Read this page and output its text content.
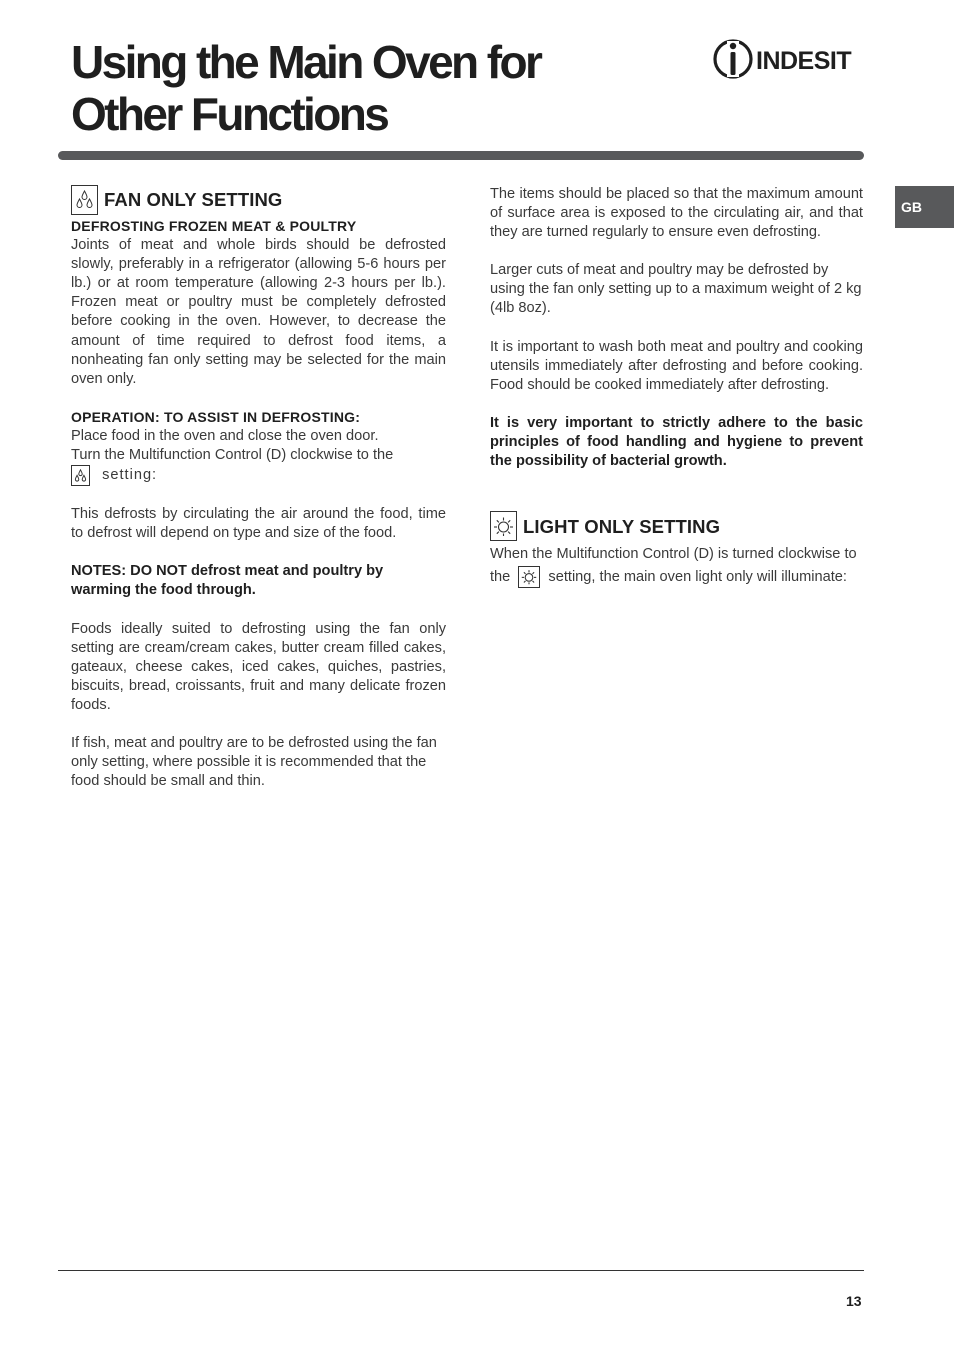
Using the Main Oven for
Other Functions
INDESIT
GB
FAN ONLY SETTING

DEFROSTING FROZEN MEAT & POULTRY

Joints of meat and whole birds should be defrosted slowly, preferably in a refrigerator (allowing 5-6 hours per lb.) or at room temperature (allowing 2-3 hours per lb.). Frozen meat or poultry must be completely defrosted before cooking in the oven. However, to decrease the amount of time required to defrost food items, a nonheating fan only setting may be selected for the main oven only.

OPERATION: TO ASSIST IN DEFROSTING:

Place food in the oven and close the oven door.

Turn the Multifunction Control (D) clockwise to the

setting:

This defrosts by circulating the air around the food, time to defrost will depend on type and size of the food.

NOTES: DO NOT defrost meat and poultry by warming the food through.

Foods ideally suited to defrosting using the fan only setting are cream/cream cakes, butter cream filled cakes, gateaux, cheese cakes, iced cakes, quiches, pastries, biscuits, bread, croissants, fruit and many delicate frozen foods.

If fish, meat and poultry are to be defrosted using the fan only setting, where possible it is recommended that the food should be small and thin.

The items should be placed so that the maximum amount of surface area is exposed to the circulating air, and that they are turned regularly to ensure even defrosting.

Larger cuts of meat and poultry may be defrosted by using the fan only setting up to a maximum weight of 2 kg (4lb 8oz).

It is important to wash both meat and poultry and cooking utensils immediately after defrosting and before cooking. Food should be cooked immediately after defrosting.

It is very important to strictly adhere to the basic principles of food handling and hygiene to prevent the possibility of bacterial growth.

LIGHT ONLY SETTING

When the Multifunction Control (D) is turned clockwise to the	setting, the main oven light only will illuminate:

13
